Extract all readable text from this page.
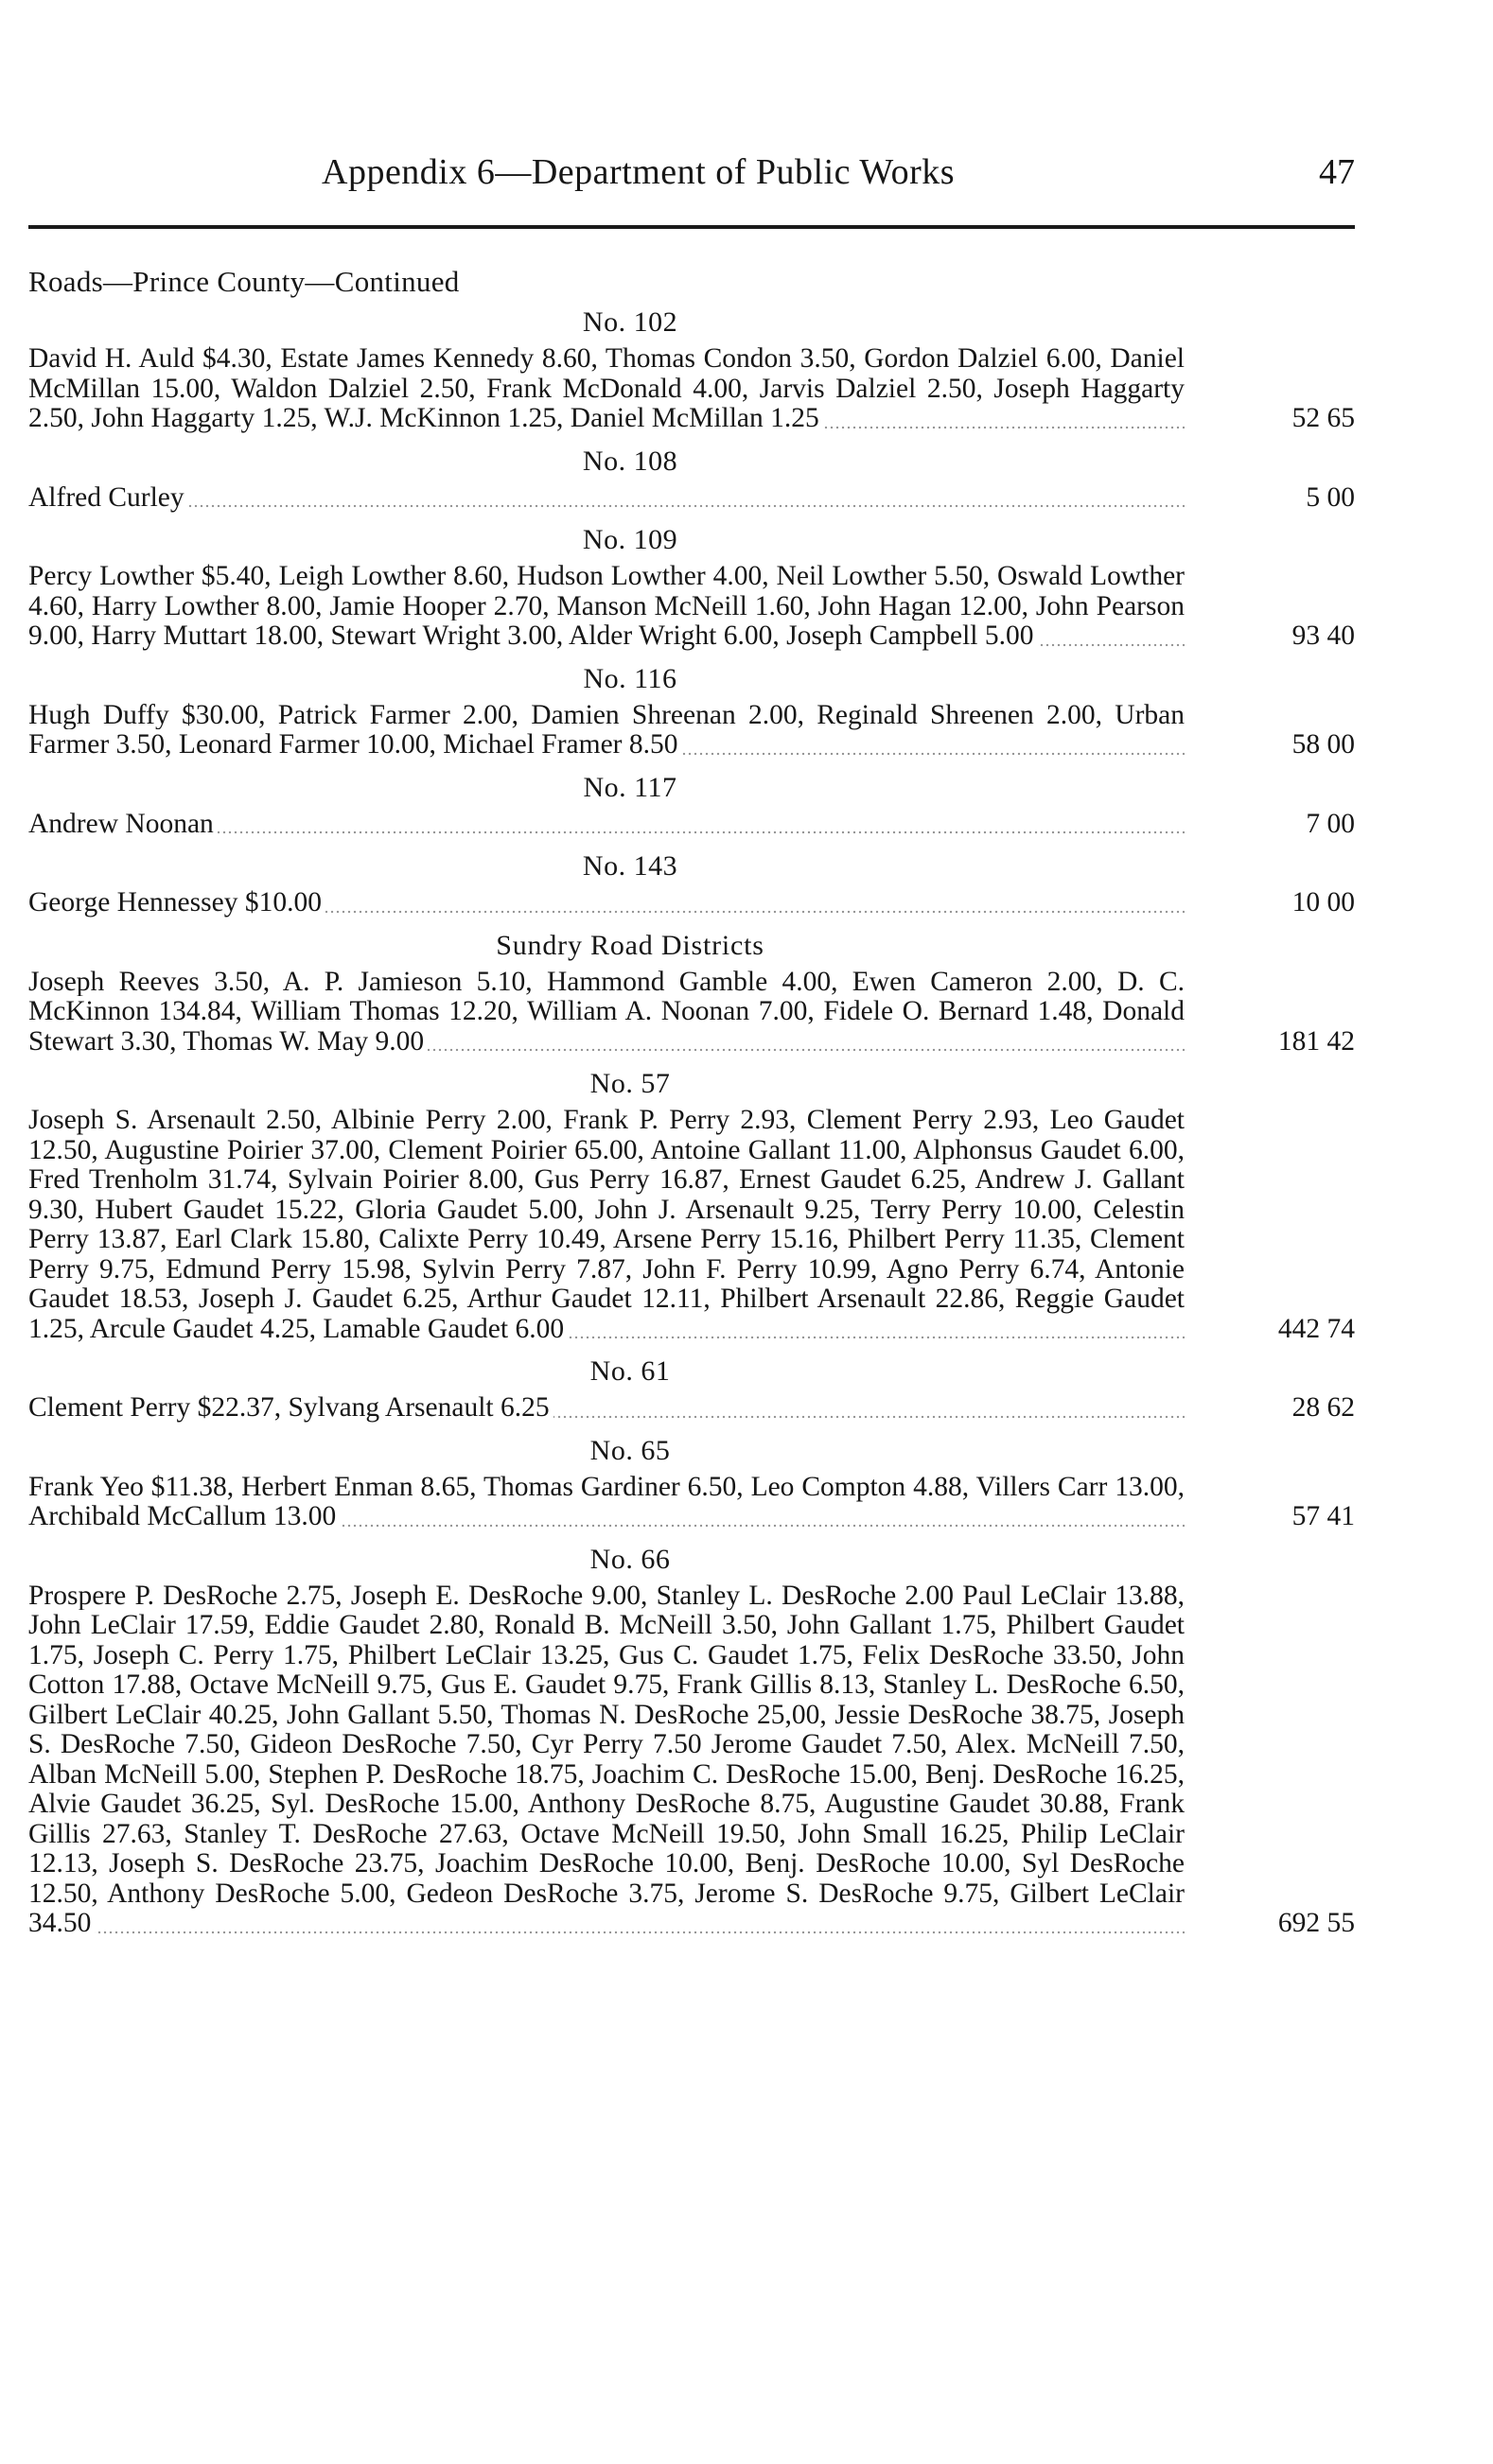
Appendix 6—Department of Public Works	47
Roads—Prince County—Continued
No. 102
David H. Auld $4.30, Estate James Kennedy 8.60, Thomas Condon 3.50, Gordon Dalziel 6.00, Daniel McMillan 15.00, Waldon Dalziel 2.50, Frank McDonald 4.00, Jarvis Dalziel 2.50, Joseph Haggarty 2.50, John Haggarty 1.25, W.J. McKinnon 1.25, Daniel McMillan 1.25	52 65
No. 108
Alfred Curley	5 00
No. 109
Percy Lowther $5.40, Leigh Lowther 8.60, Hudson Lowther 4.00, Neil Lowther 5.50, Oswald Lowther 4.60, Harry Lowther 8.00, Jamie Hooper 2.70, Manson McNeill 1.60, John Hagan 12.00, John Pearson 9.00, Harry Muttart 18.00, Stewart Wright 3.00, Alder Wright 6.00, Joseph Campbell 5.00	93 40
No. 116
Hugh Duffy $30.00, Patrick Farmer 2.00, Damien Shreenan 2.00, Reginald Shreenen 2.00, Urban Farmer 3.50, Leonard Farmer 10.00, Michael Framer 8.50	58 00
No. 117
Andrew Noonan	7 00
No. 143
George Hennessey $10.00	10 00
Sundry Road Districts
Joseph Reeves 3.50, A. P. Jamieson 5.10, Hammond Gamble 4.00, Ewen Cameron 2.00, D. C. McKinnon 134.84, William Thomas 12.20, William A. Noonan 7.00, Fidele O. Bernard 1.48, Donald Stewart 3.30, Thomas W. May 9.00	181 42
No. 57
Joseph S. Arsenault 2.50, Albinie Perry 2.00, Frank P. Perry 2.93, Clement Perry 2.93, Leo Gaudet 12.50, Augustine Poirier 37.00, Clement Poirier 65.00, Antoine Gallant 11.00, Alphonsus Gaudet 6.00, Fred Trenholm 31.74, Sylvain Poirier 8.00, Gus Perry 16.87, Ernest Gaudet 6.25, Andrew J. Gallant 9.30, Hubert Gaudet 15.22, Gloria Gaudet 5.00, John J. Arsenault 9.25, Terry Perry 10.00, Celestin Perry 13.87, Earl Clark 15.80, Calixte Perry 10.49, Arsene Perry 15.16, Philbert Perry 11.35, Clement Perry 9.75, Edmund Perry 15.98, Sylvin Perry 7.87, John F. Perry 10.99, Agno Perry 6.74, Antonie Gaudet 18.53, Joseph J. Gaudet 6.25, Arthur Gaudet 12.11, Philbert Arsenault 22.86, Reggie Gaudet 1.25, Arcule Gaudet 4.25, Lamable Gaudet 6.00	442 74
No. 61
Clement Perry $22.37, Sylvang Arsenault 6.25	28 62
No. 65
Frank Yeo $11.38, Herbert Enman 8.65, Thomas Gardiner 6.50, Leo Compton 4.88, Villers Carr 13.00, Archibald McCallum 13.00	57 41
No. 66
Prospere P. DesRoche 2.75, Joseph E. DesRoche 9.00, Stanley L. DesRoche 2.00 Paul LeClair 13.88, John LeClair 17.59, Eddie Gaudet 2.80, Ronald B. McNeill 3.50, John Gallant 1.75, Philbert Gaudet 1.75, Joseph C. Perry 1.75, Philbert LeClair 13.25, Gus C. Gaudet 1.75, Felix DesRoche 33.50, John Cotton 17.88, Octave McNeill 9.75, Gus E. Gaudet 9.75, Frank Gillis 8.13, Stanley L. DesRoche 6.50, Gilbert LeClair 40.25, John Gallant 5.50, Thomas N. DesRoche 25,00, Jessie DesRoche 38.75, Joseph S. DesRoche 7.50, Gideon DesRoche 7.50, Cyr Perry 7.50 Jerome Gaudet 7.50, Alex. McNeill 7.50, Alban McNeill 5.00, Stephen P. DesRoche 18.75, Joachim C. DesRoche 15.00, Benj. DesRoche 16.25, Alvie Gaudet 36.25, Syl. DesRoche 15.00, Anthony DesRoche 8.75, Augustine Gaudet 30.88, Frank Gillis 27.63, Stanley T. DesRoche 27.63, Octave McNeill 19.50, John Small 16.25, Philip LeClair 12.13, Joseph S. DesRoche 23.75, Joachim DesRoche 10.00, Benj. DesRoche 10.00, Syl DesRoche 12.50, Anthony DesRoche 5.00, Gedeon DesRoche 3.75, Jerome S. DesRoche 9.75, Gilbert LeClair 34.50	692 55
